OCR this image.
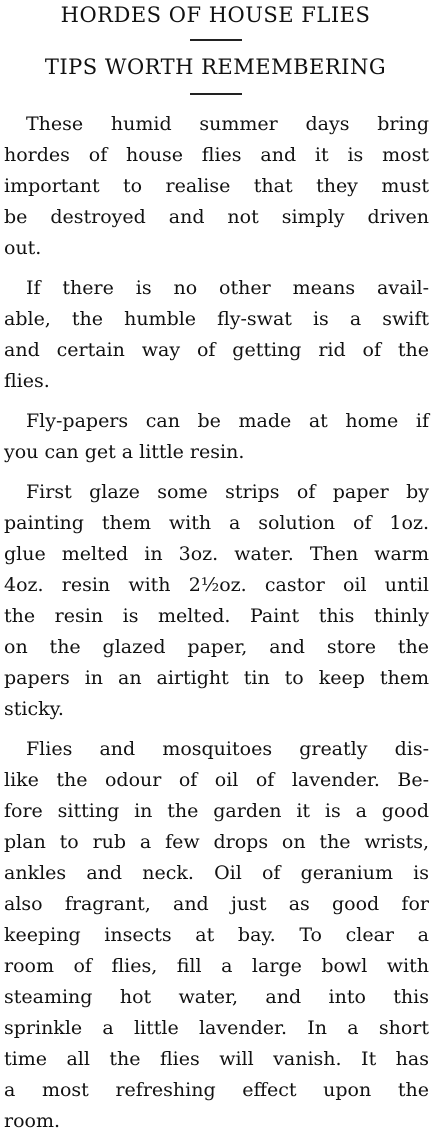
HORDES OF HOUSE FLIES
TIPS WORTH REMEMBERING

These humid summer days bring
hordes of house flies and it is most
important to realise that they must
be destroyed and not simply driven
out.

If there is no other means avail-
able, the humble fly-swat is a swift
and certain way of getting rid of the
flies.

Fly-papers can be made at home if
you can get a little resin.

First glaze some strips of paper by
painting them with a solution of 1oz.
glue melted in 3oz. water. Then warm
4oz. resin with 2½oz. castor oil until
the resin is melted. Paint this thinly
on the glazed paper, and store the
papers in an airtight tin to keep them
sticky.

Flies and mosquitoes greatly dis-
like the odour of oil of lavender. Be-
fore sitting in the garden it is a good
plan to rub a few drops on the wrists,
ankles and neck. Oil of geranium is
also fragrant, and just as good for
keeping insects at bay. To clear a
room of flies, fill a large bowl with
steaming hot water, and into this
sprinkle a little lavender. In a short
time all the flies will vanish. It has
a most refreshing effect upon the
room.
